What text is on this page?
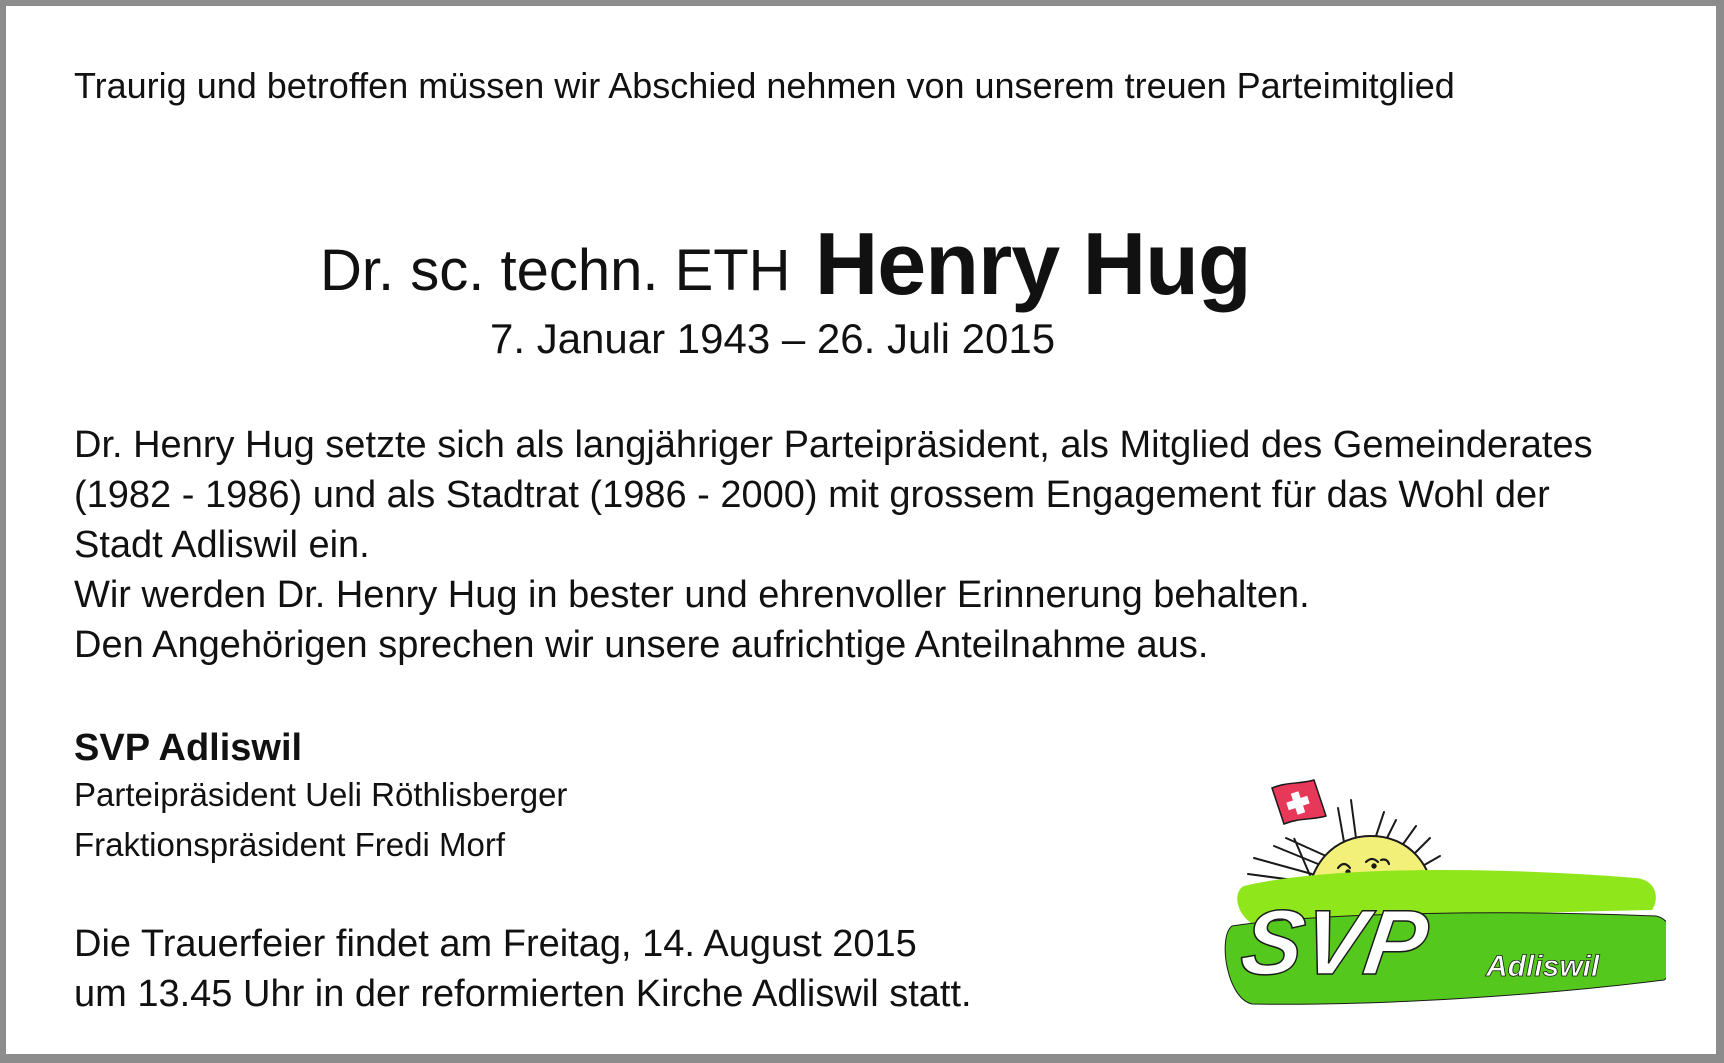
Traurig und betroffen müssen wir Abschied nehmen von unserem treuen Parteimitglied
Dr. sc. techn. ETH Henry Hug
7. Januar 1943 – 26. Juli 2015
Dr. Henry Hug setzte sich als langjähriger Parteipräsident, als Mitglied des Gemeinderates
(1982 - 1986) und als Stadtrat (1986 - 2000) mit grossem Engagement für das Wohl der
Stadt Adliswil ein.
Wir werden Dr. Henry Hug in bester und ehrenvoller Erinnerung behalten.
Den Angehörigen sprechen wir unsere aufrichtige Anteilnahme aus.
SVP Adliswil
Parteipräsident Ueli Röthlisberger
Fraktionspräsident Fredi Morf
Die Trauerfeier findet am Freitag, 14. August 2015
um 13.45 Uhr in der reformierten Kirche Adliswil statt.
SVP Adliswil
